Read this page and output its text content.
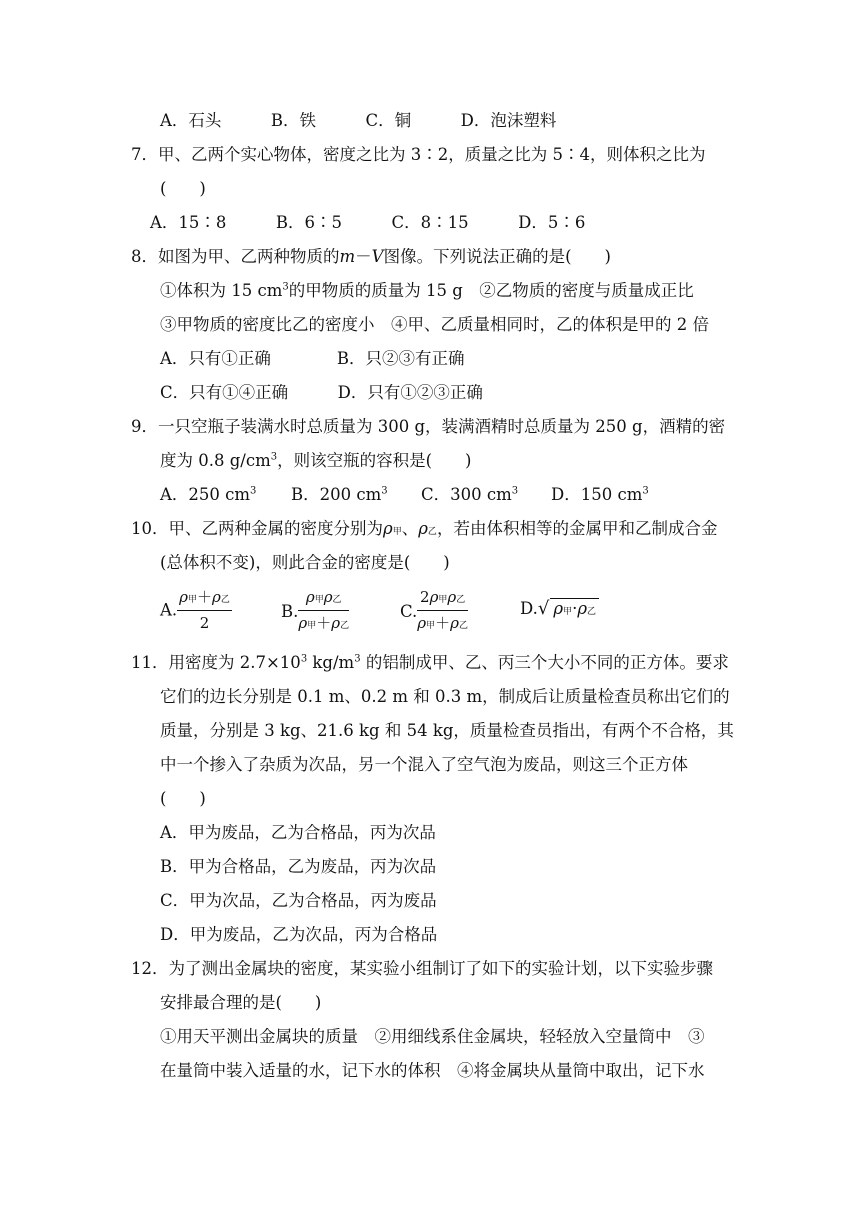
A．石头　　　B．铁　　　C．铜　　　D．泡沫塑料
7．甲、乙两个实心物体，密度之比为 3∶2，质量之比为 5∶4，则体积之比为
(　　)
A．15∶8　　　B．6∶5　　　C．8∶15　　　D．5∶6
8．如图为甲、乙两种物质的m－V图像。下列说法正确的是(　　)
①体积为 15 $cm^3$的甲物质的质量为 15 g　②乙物质的密度与质量成正比
③甲物质的密度比乙的密度小　④甲、乙质量相同时，乙的体积是甲的 2 倍
A．只有①正确　　　　B．只②③有正确
C．只有①④正确　　　D．只有①②③正确
9．一只空瓶子装满水时总质量为 300 g，装满酒精时总质量为 250 g，酒精的密
度为 0.8 $g/cm^3$，则该空瓶的容积是(　　)
A．250 $cm^3$ B．200 $cm^3$ C．300 $cm^3$ D．150 $cm^3$
10．甲、乙两种金属的密度分别为ρ甲、ρ乙，若由体积相等的金属甲和乙制成合金
(总体积不变)，则此合金的密度是(　　)
A. $\frac{\text{ρ甲＋ρ乙}}{2}$	B. $\frac{\text{ρ甲ρ乙}}{\text{ρ甲＋ρ乙}}$	C. $\frac{\text{2ρ甲ρ乙}}{\text{ρ甲＋ρ乙}}$	D.√ ρ甲·ρ乙
11．用密度为 $2.7\times 10^3$ $kg/m^3$ 的铝制成甲、乙、丙三个大小不同的正方体。要求
它们的边长分别是 0.1 m、0.2 m 和 0.3 m，制成后让质量检查员称出它们的
质量，分别是 3 kg、21.6 kg 和 54 kg，质量检查员指出，有两个不合格，其
中一个掺入了杂质为次品，另一个混入了空气泡为废品，则这三个正方体
(　　)
A．甲为废品，乙为合格品，丙为次品
B．甲为合格品，乙为废品，丙为次品
C．甲为次品，乙为合格品，丙为废品
D．甲为废品，乙为次品，丙为合格品
12．为了测出金属块的密度，某实验小组制订了如下的实验计划，以下实验步骤
安排最合理的是(　　)
①用天平测出金属块的质量　②用细线系住金属块，轻轻放入空量筒中　③
在量筒中装入适量的水，记下水的体积　④将金属块从量筒中取出，记下水
